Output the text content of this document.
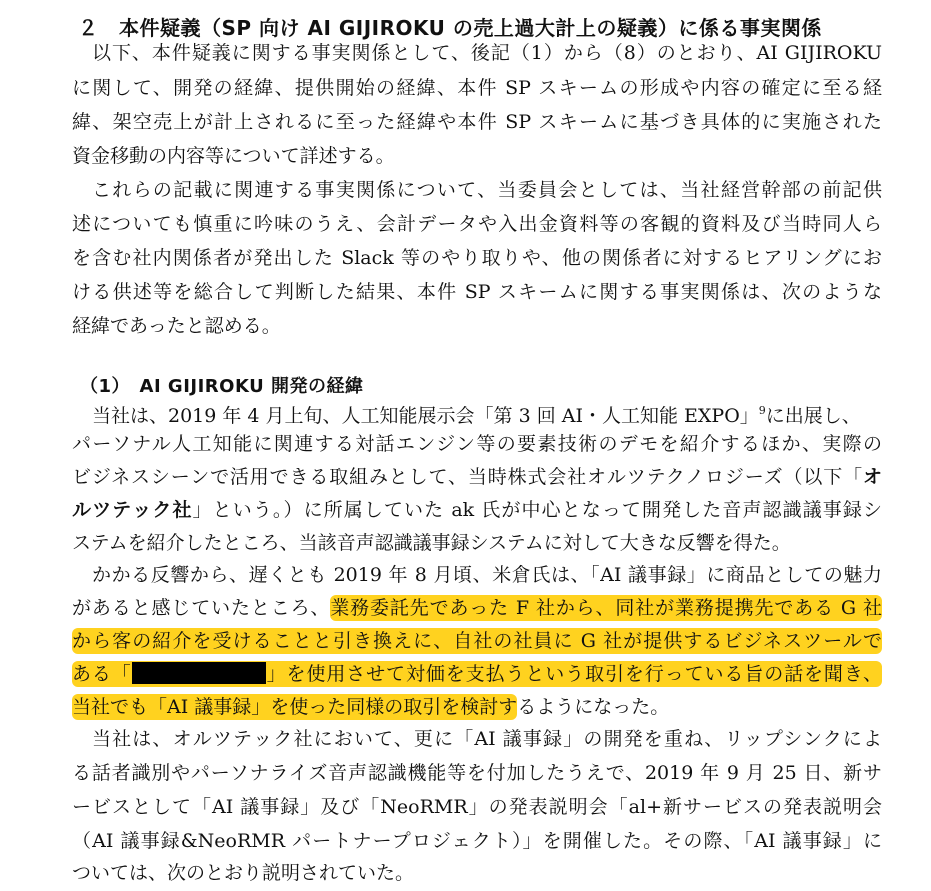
２　本件疑義（SP 向け AI GIJIROKU の売上過大計上の疑義）に係る事実関係
以下、本件疑義に関する事実関係として、後記（1）から（8）のとおり、AI GIJIROKU
に関して、開発の経緯、提供開始の経緯、本件 SP スキームの形成や内容の確定に至る経
緯、架空売上が計上されるに至った経緯や本件 SP スキームに基づき具体的に実施された
資金移動の内容等について詳述する。
これらの記載に関連する事実関係について、当委員会としては、当社経営幹部の前記供
述についても慎重に吟味のうえ、会計データや入出金資料等の客観的資料及び当時同人ら
を含む社内関係者が発出した Slack 等のやり取りや、他の関係者に対するヒアリングにお
ける供述等を総合して判断した結果、本件 SP スキームに関する事実関係は、次のような
経緯であったと認める。
（1）　AI GIJIROKU 開発の経緯
当社は、2019 年 4 月上旬、人工知能展示会「第 3 回 AI・人工知能 EXPO」$^9$に出展し、
パーソナル人工知能に関連する対話エンジン等の要素技術のデモを紹介するほか、実際の
ビジネスシーンで活用できる取組みとして、当時株式会社オルツテクノロジーズ（以下「オ
ルツテック社」という。）に所属していた ak 氏が中心となって開発した音声認識議事録シ
ステムを紹介したところ、当該音声認識議事録システムに対して大きな反響を得た。
かかる反響から、遅くとも 2019 年 8 月頃、米倉氏は、「AI 議事録」に商品としての魅力
があると感じていたところ、業務委託先であった F 社から、同社が業務提携先である G 社
から客の紹介を受けることと引き換えに、自社の社員に G 社が提供するビジネスツールで
ある「	」を使用させて対価を支払うという取引を行っている旨の話を聞き、
当社でも「AI 議事録」を使った同様の取引を検討するようになった。
当社は、オルツテック社において、更に「AI 議事録」の開発を重ね、リップシンクによ
る話者識別やパーソナライズ音声認識機能等を付加したうえで、2019 年 9 月 25 日、新サ
ービスとして「AI 議事録」及び「NeoRMR」の発表説明会「al+新サービスの発表説明会
（AI 議事録&NeoRMR パートナープロジェクト）」を開催した。その際、「AI 議事録」に
ついては、次のとおり説明されていた。
